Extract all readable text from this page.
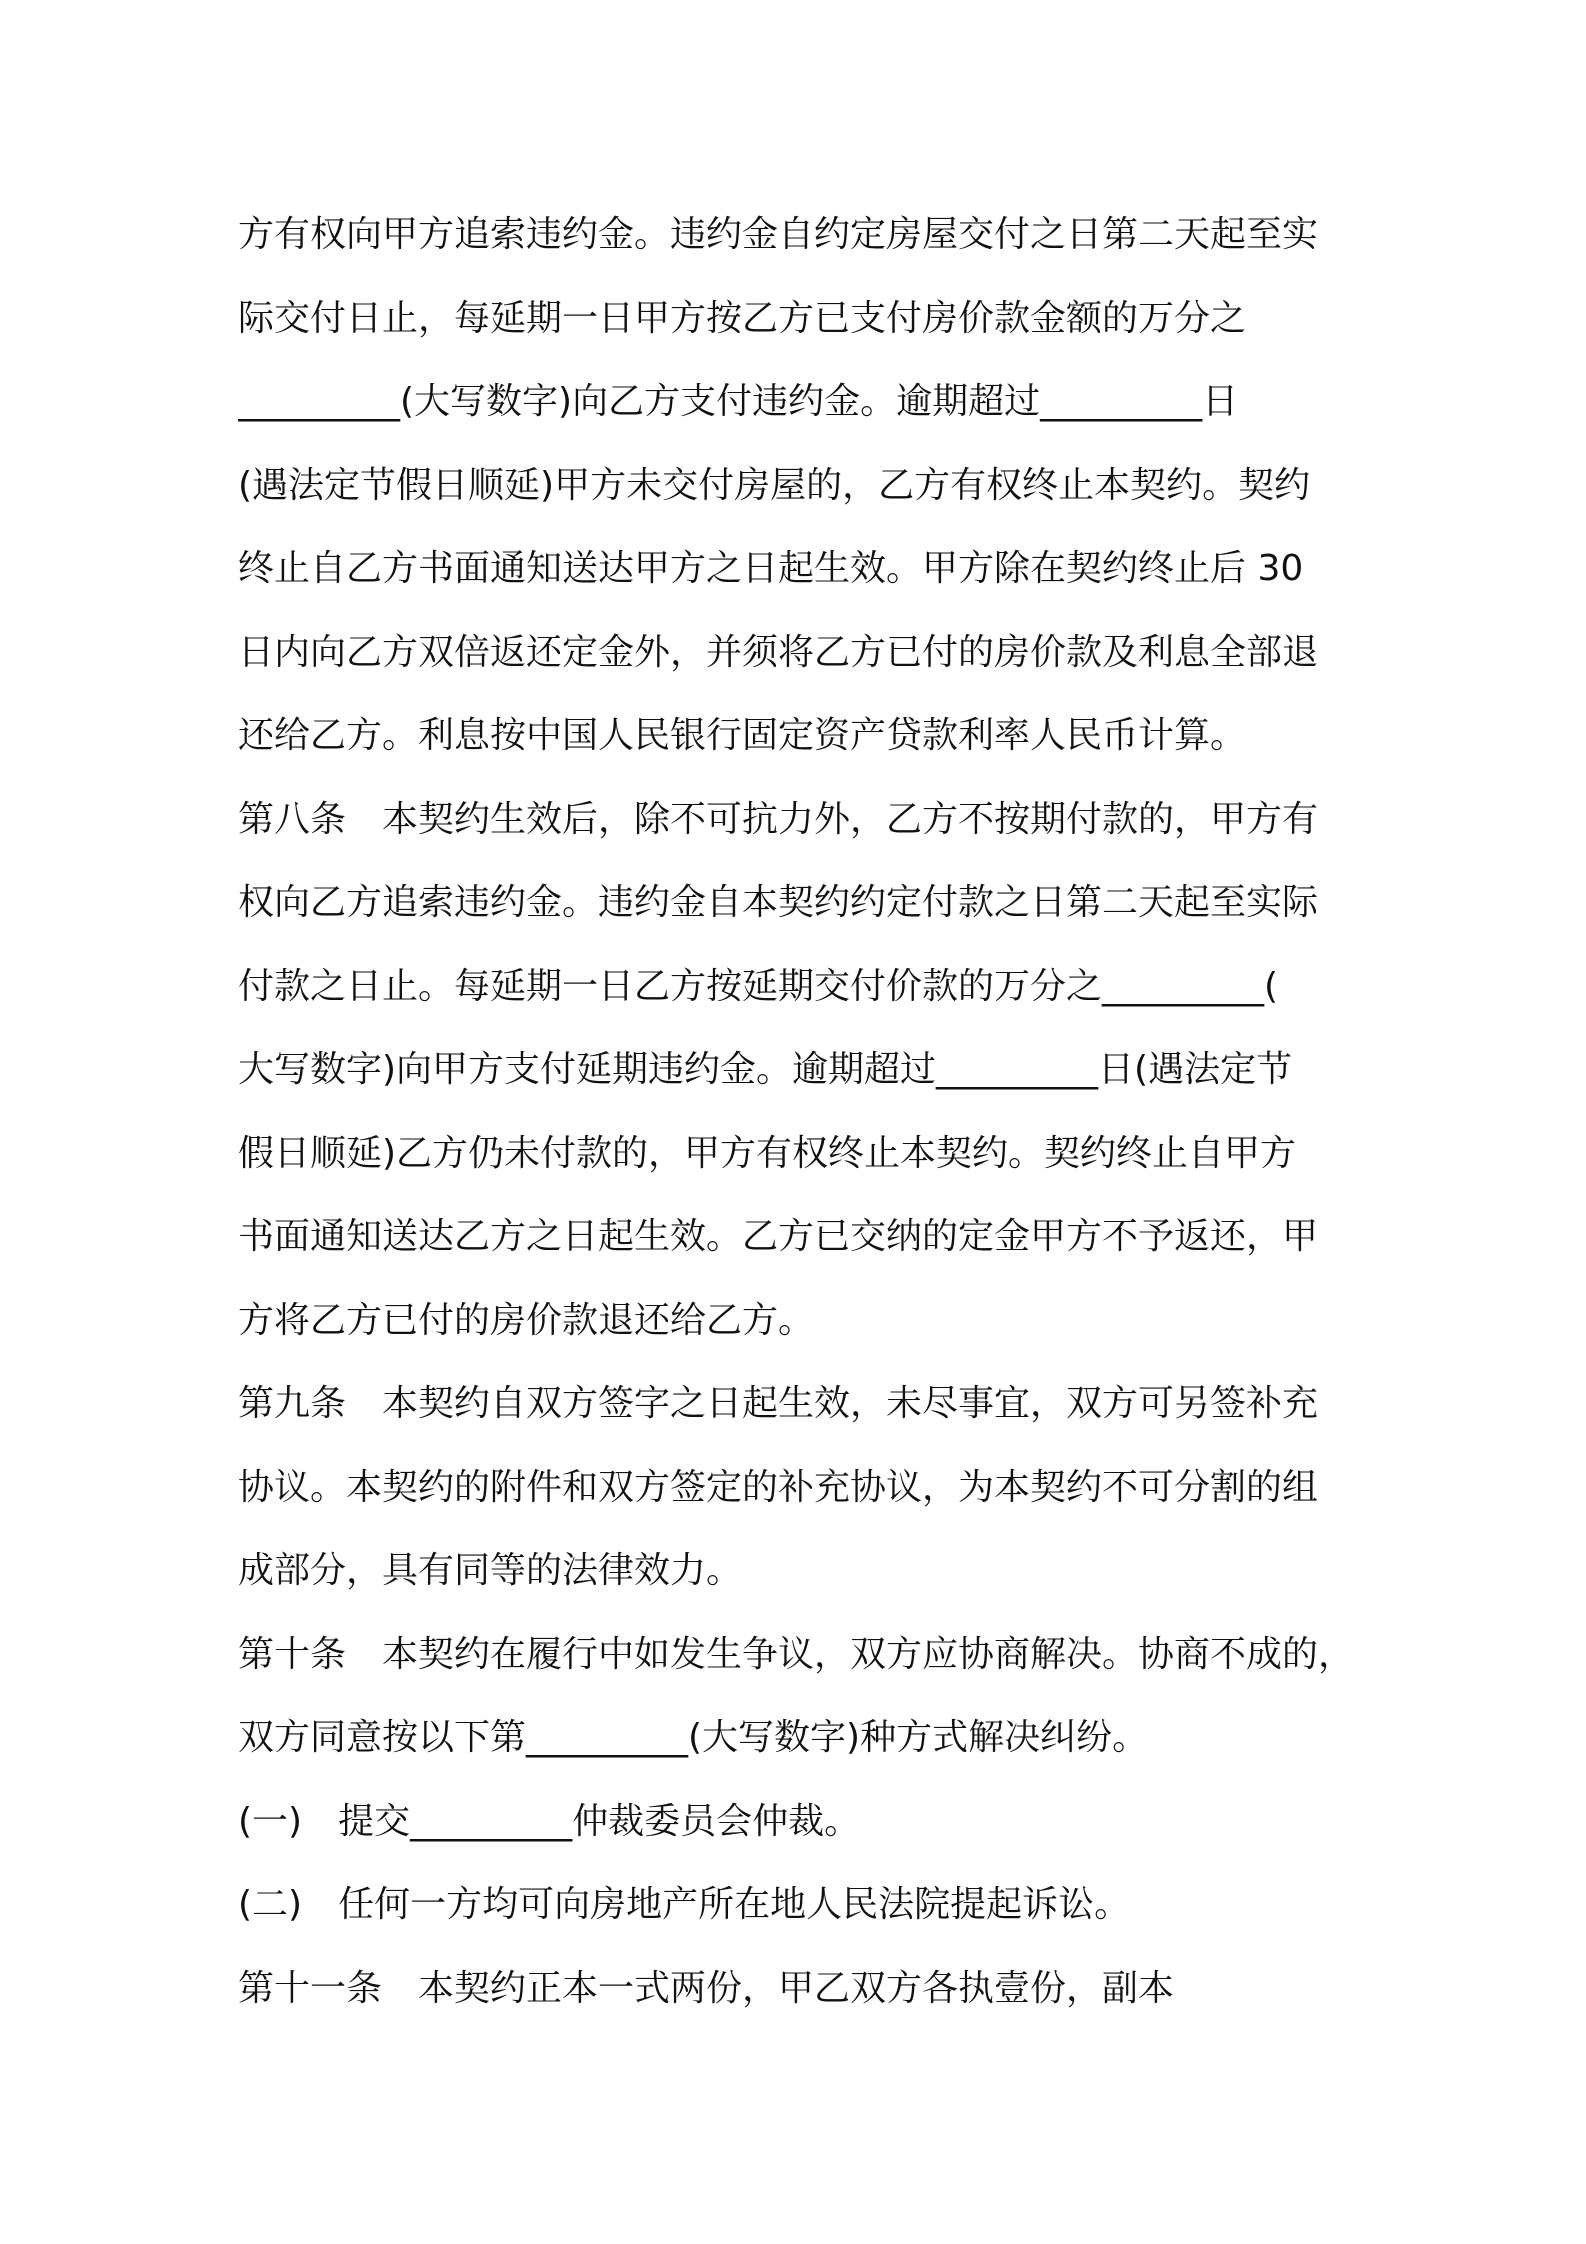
方有权向甲方追索违约金。违约金自约定房屋交付之日第二天起至实
际交付日止，每延期一日甲方按乙方已支付房价款金额的万分之
_________(大写数字)向乙方支付违约金。逾期超过_________日
(遇法定节假日顺延)甲方未交付房屋的，乙方有权终止本契约。契约
终止自乙方书面通知送达甲方之日起生效。甲方除在契约终止后 30
日内向乙方双倍返还定金外，并须将乙方已付的房价款及利息全部退
还给乙方。利息按中国人民银行固定资产贷款利率人民币计算。
第八条　本契约生效后，除不可抗力外，乙方不按期付款的，甲方有
权向乙方追索违约金。违约金自本契约约定付款之日第二天起至实际
付款之日止。每延期一日乙方按延期交付价款的万分之_________(
大写数字)向甲方支付延期违约金。逾期超过_________日(遇法定节
假日顺延)乙方仍未付款的，甲方有权终止本契约。契约终止自甲方
书面通知送达乙方之日起生效。乙方已交纳的定金甲方不予返还，甲
方将乙方已付的房价款退还给乙方。
第九条　本契约自双方签字之日起生效，未尽事宜，双方可另签补充
协议。本契约的附件和双方签定的补充协议，为本契约不可分割的组
成部分，具有同等的法律效力。
第十条　本契约在履行中如发生争议，双方应协商解决。协商不成的，
双方同意按以下第_________(大写数字)种方式解决纠纷。
(一)　提交_________仲裁委员会仲裁。
(二)　任何一方均可向房地产所在地人民法院提起诉讼。
第十一条　本契约正本一式两份，甲乙双方各执壹份，副本
